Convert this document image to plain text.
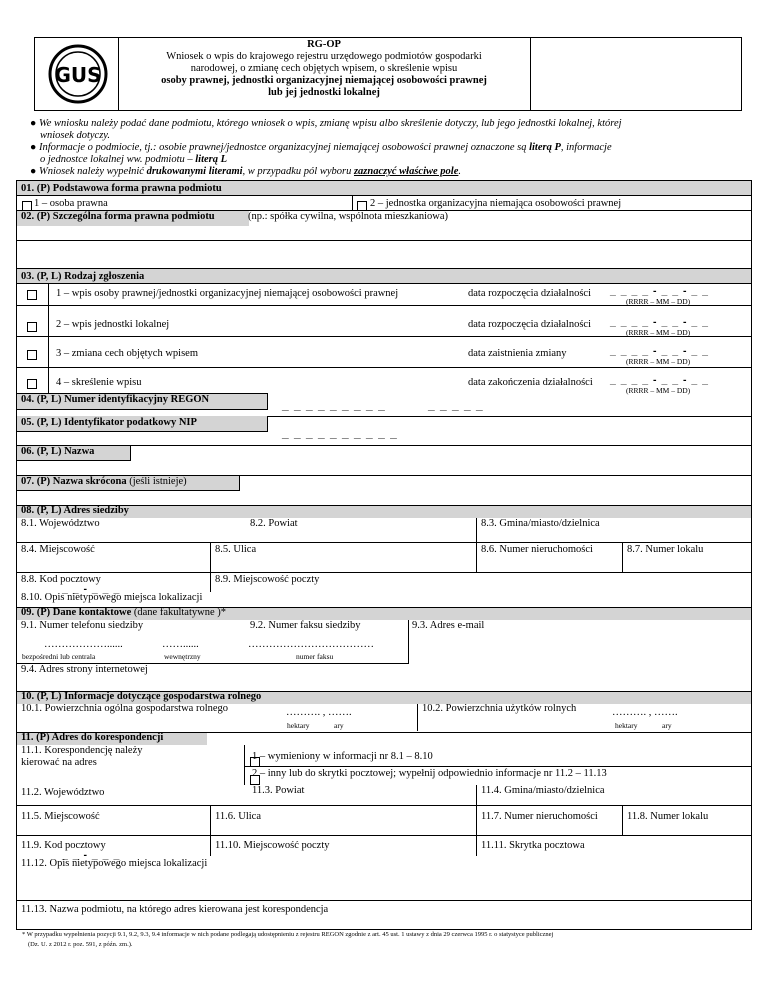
GUS
RG-OP
Wniosek o wpis do krajowego rejestru urzędowego podmiotów gospodarki
narodowej, o zmianę cech objętych wpisem, o skreślenie wpisu
osoby prawnej, jednostki organizacyjnej niemającej osobowości prawnej
lub jej jednostki lokalnej
● We wniosku należy podać dane podmiotu, którego wniosek o wpis, zmianę wpisu albo skreślenie dotyczy, lub jego jednostki lokalnej, której
wniosek dotyczy.
● Informacje o podmiocie, tj.: osobie prawnej/jednostce organizacyjnej niemającej osobowości prawnej oznaczone są literą P, informacje
o jednostce lokalnej ww. podmiotu – literą L
● Wniosek należy wypełnić drukowanymi literami, w przypadku pól wyboru zaznaczyć właściwe pole.
01. (P) Podstawowa forma prawna podmiotu
1 – osoba prawna	2 – jednostka organizacyjna niemająca osobowości prawnej
02. (P) Szczególna forma prawna podmiotu	(np.: spółka cywilna, wspólnota mieszkaniowa)
03. (P, L) Rodzaj zgłoszenia
1 – wpis osoby prawnej/jednostki organizacyjnej niemającej osobowości prawnej	data rozpoczęcia działalności _ _ _ _ - _ _ - _ _
(RRRR – MM – DD)
2 – wpis jednostki lokalnej	data rozpoczęcia działalności _ _ _ _ - _ _ - _ _
(RRRR – MM – DD)
3 – zmiana cech objętych wpisem	data zaistnienia zmiany	_ _ _ _ - _ _ - _ _
(RRRR – MM – DD)
4 – skreślenie wpisu	data zakończenia działalności _ _ _ _ - _ _ - _ _
(RRRR – MM – DD)
04. (P, L) Numer identyfikacyjny REGON	_ _ _ _ _ _ _ _ _	_ _ _ _ _
05. (P, L) Identyfikator podatkowy NIP
_ _ _ _ _ _ _ _ _ _
06. (P, L) Nazwa
07. (P) Nazwa skrócona (jeśli istnieje)
08. (P, L) Adres siedziby
8.1. Województwo	8.2. Powiat	8.3. Gmina/miasto/dzielnica
8.4. Miejscowość	8.5. Ulica	8.6. Numer nieruchomości	8.7. Numer lokalu
8.8. Kod pocztowy
_ _ - _ _ _
8.9. Miejscowość poczty
8.10. Opis nietypowego miejsca lokalizacji
09. (P) Dane kontaktowe (dane fakultatywne )*
9.1. Numer telefonu siedziby	9.2. Numer faksu siedziby	9.3. Adres e-mail
………………......	……......	………………………………
bezpośredni lub centrala	wewnętrzny	numer faksu
9.4. Adres strony internetowej
10. (P, L) Informacje dotyczące gospodarstwa rolnego
10.1. Powierzchnia ogólna gospodarstwa rolnego	………. , …….
hektary	ary
10.2. Powierzchnia użytków rolnych	………. , …….
hektary	ary
11. (P) Adres do korespondencji
11.1. Korespondencję należy
kierować na adres
1 – wymieniony w informacji nr 8.1 – 8.10
2 – inny lub do skrytki pocztowej; wypełnij odpowiednio informacje nr 11.2 – 11.13
11.2. Województwo	11.3. Powiat	11.4. Gmina/miasto/dzielnica
11.5. Miejscowość	11.6. Ulica	11.7. Numer nieruchomości	11.8. Numer lokalu
11.9. Kod pocztowy
_ _ - _ _ _
11.10. Miejscowość poczty	11.11. Skrytka pocztowa
11.12. Opis nietypowego miejsca lokalizacji
11.13. Nazwa podmiotu, na którego adres kierowana jest korespondencja
* W przypadku wypełnienia pozycji 9.1, 9.2, 9.3, 9.4 informacje w nich podane podlegają udostępnieniu z rejestru REGON zgodnie z art. 45 ust. 1 ustawy z dnia 29 czerwca 1995 r. o statystyce publicznej
(Dz. U. z 2012 r. poz. 591, z późn. zm.).
